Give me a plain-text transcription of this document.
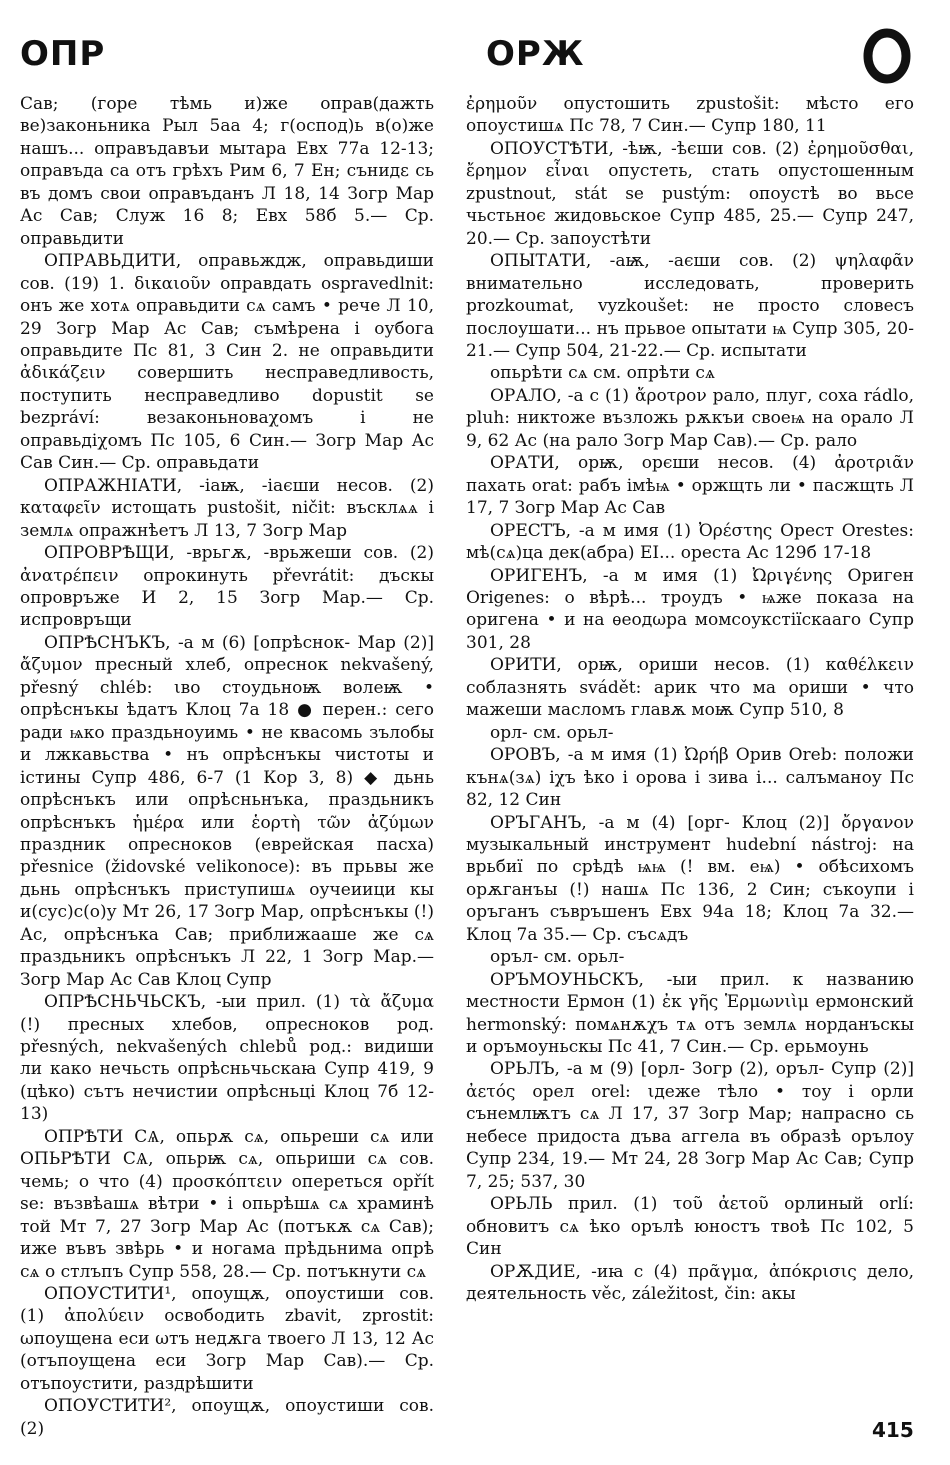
ОПР	ОРЖ	О

Сав; (горе тѣмь и)же оправ(дажть ве)законьника Рыл 5аа 4; г(оспод)ь в(о)же нашъ... оправъдавъи мытара Евх 77а 12-13; оправъда са отъ грѣхъ Рим 6, 7 Ен; сънидε сь въ домъ свои оправъданъ Л 18, 14 Зогр Мар Ас Сав; Служ 16 8; Евх 58б 5.— Ср. оправьдити

ОПРАВЬДИТИ, оправьждж, оправьдиши сов. (19) 1. δικαιοῦν оправдать ospravedlnit: онъ же хотѧ оправьдити сѧ самъ • рече Л 10, 29 Зогр Мар Ас Сав; съмѣрена і оубога оправьдите Пс 81, 3 Син 2. не оправьдити ἀδικάζειν совершить несправедливость, поступить несправедливо dopustit se bezpráví: везаконьноваχомъ і не оправьдіχомъ Пс 105, 6 Син.— Зогр Мар Ас Сав Син.— Ср. оправьдати

ОПРАЖНІАТИ, -іаѭ, -іаєши несов. (2) καταφεῖν истощать pustošit, ničit: въсклѧѧ і землѧ опражнѣетъ Л 13, 7 Зогр Мар

ОПРОВРѢЩИ, -врьгѫ, -врьжеши сов. (2) ἀνατρέπειν опрокинуть převrátit: дъскы опровръже И 2, 15 Зогр Мар.— Ср. испровръщи

ОПРѢСНЪКЪ, -а м (6) [опрѣснок- Мар (2)] ἄζυμον пресный хлеб, опреснок nekvašený, přesný chléb: ιво стоудьноѭ волеѭ • опрѣснъкы ѣдатъ Клоц 7а 18 ● перен.: сего ради ѩко праздьноуимь • не квасомь зълобы и лжкавьства • нъ опрѣснъкы чистоты и істины Супр 486, 6-7 (1 Кор 3, 8) ◆ дьнь опрѣснъкъ или опрѣсньнъка, праздьникъ опрѣснъкъ ἡμέρα или ἑορτὴ τῶν ἀζύμων праздник опресноков (еврейская пасха) přesnice (židovské velikonoce): въ прьвы же дьнь опрѣснъкъ приступишѧ оучеиици кы и(сус)с(о)у Мт 26, 17 Зогр Мар, опрѣснъкы (!) Ас, опрѣснъка Сав; приближааше же сѧ праздьникъ опрѣснъкъ Л 22, 1 Зогр Мар.— Зогр Мар Ас Сав Клоц Супр

ОПРѢСНЬЧЬСКЪ, -ыи прил. (1) τὰ ἄζυμα (!) пресных хлебов, опресноков род. přesných, nekvašených chlebů род.: видиши ли како нечьсть опрѣсньчьскаꙗ Супр 419, 9 (цѣко) сътъ нечистии опрѣсньці Клоц 7б 12-13)

ОПРѢТИ СѦ, опьрѫ сѧ, опьреши сѧ или ОПЬРѢТИ СѦ, опьрѭ сѧ, опьриши сѧ сов. чемь; о что (4) προσκόπτειν опереться opřít se: възвѣашѧ вѣтри • і опьрѣшѧ сѧ храминѣ той Мт 7, 27 Зогр Мар Ас (потъкѫ сѧ Сав); иже въвъ звѣрь • и ногама прѣдьнима опрѣ сѧ о стлъпъ Супр 558, 28.— Ср. потъкнути сѧ

ОПОУСТИТИ¹, опоущѫ, опоустиши сов. (1) ἀπολύειν освободить zbavit, zprostit: ωпоущенa еси ωтъ недѫга твоего Л 13, 12 Ас (отъпоущена еси Зогр Мар Сав).— Ср. отъпоустити, раздрѣшити

ОПОУСТИТИ², опоущѫ, опоустиши сов. (2)

ἐρημοῦν опустошить zpustošit: мѣсто его опоустишѧ Пс 78, 7 Син.— Супр 180, 11

ОПОУСТѢТИ, -ѣѭ, -ѣєши сов. (2) ἐρημοῦσθαι, ἔρημον εἶναι опустеть, стать опустошенным zpustnout, stát se pustým: опоустѣ во вьсе чьстьноє жидовьское Супр 485, 25.— Супр 247, 20.— Ср. запоустѣти

ОПЫТАТИ, -аѭ, -аєши сов. (2) ψηλαφᾶν внимательно исследовать, проверить prozkoumat, vyzkoušet: не просто словесъ послоушати... нъ прьвое опытати ѩ Супр 305, 20-21.— Супр 504, 21-22.— Ср. испытати

опьрѣти сѧ см. опрѣти сѧ

ОРАЛО, -а с (1) ἄροτρον рало, плуг, соха rádlo, pluh: никтоже възложь рѫкъи своеѩ на орало Л 9, 62 Ас (на рало Зогр Мар Сав).— Ср. рало

ОРАТИ, орѭ, орєши несов. (4) ἀροτριᾶν пахать orat: рабъ імѣѩ • оржщть ли • пасжщть Л 17, 7 Зогр Мар Ас Сав

ОРЕСТЪ, -а м имя (1) Ὀρέστης Орест Orestes: мѣ(сѧ)ца дек(абра) ЕІ... ореста Ас 129б 17-18

ОРИГЕНЪ, -а м имя (1) Ὠριγένης Ориген Origenes: о вѣрѣ... троудъ • ѩже показа на оригена • и на ѳеодωра момсоукстіїскааго Супр 301, 28

ОРИТИ, орѭ, ориши несов. (1) καθέλκειν соблазнять svádět: арик что ма ориши • что мажеши масломъ главѫ моѭ Супр 510, 8

орл- см. орьл-

ОРОВЪ, -а м имя (1) Ὠρήβ Орив Oreb: положи кънѧ(зѧ) іχъ ѣко і орова і зива і... салъманоу Пс 82, 12 Син

ОРЪГАНЪ, -а м (4) [орг- Клоц (2)] ὄργανον музыкальный инструмент hudební nástroj: на врьбиї по срѣдѣ ѩѩ (! вм. еѩ) • обѣсихомъ орѫганъы (!) нашѧ Пс 136, 2 Син; съкоупи і оръганъ съвръшенъ Евх 94а 18; Клоц 7а 32.— Клоц 7а 35.— Ср. съсѧдъ

оръл- см. орьл-

ОРЪМОУНЬСКЪ, -ыи прил. к названию местности Ермон (1) ἐκ γῆς Ἑρμωνιὶμ ермонский hermonský: помѧнѫχъ тѧ отъ землѧ норданъскы и оръмоуньскы Пс 41, 7 Син.— Ср. ерьмоунь

ОРЬЛЪ, -а м (9) [орл- Зогр (2), оръл- Супр (2)] ἀετός орел orel: ιдеже тѣло • тоу і орли сънемлѭтъ сѧ Л 17, 37 Зогр Мар; напрасно сь небесе придоста дъва аггела въ образѣ орълоу Супр 234, 19.— Мт 24, 28 Зогр Мар Ас Сав; Супр 7, 25; 537, 30

ОРЬЛЬ прил. (1) τοῦ ἀετοῦ орлиный orlí: обновитъ сѧ ѣко орълѣ юностъ твоѣ Пс 102, 5 Син

ОРѪДИЕ, -иꙗ с (4) πρᾶγμα, ἀπόκρισις дело, деятельность věc, záležitost, čin: акы

415
